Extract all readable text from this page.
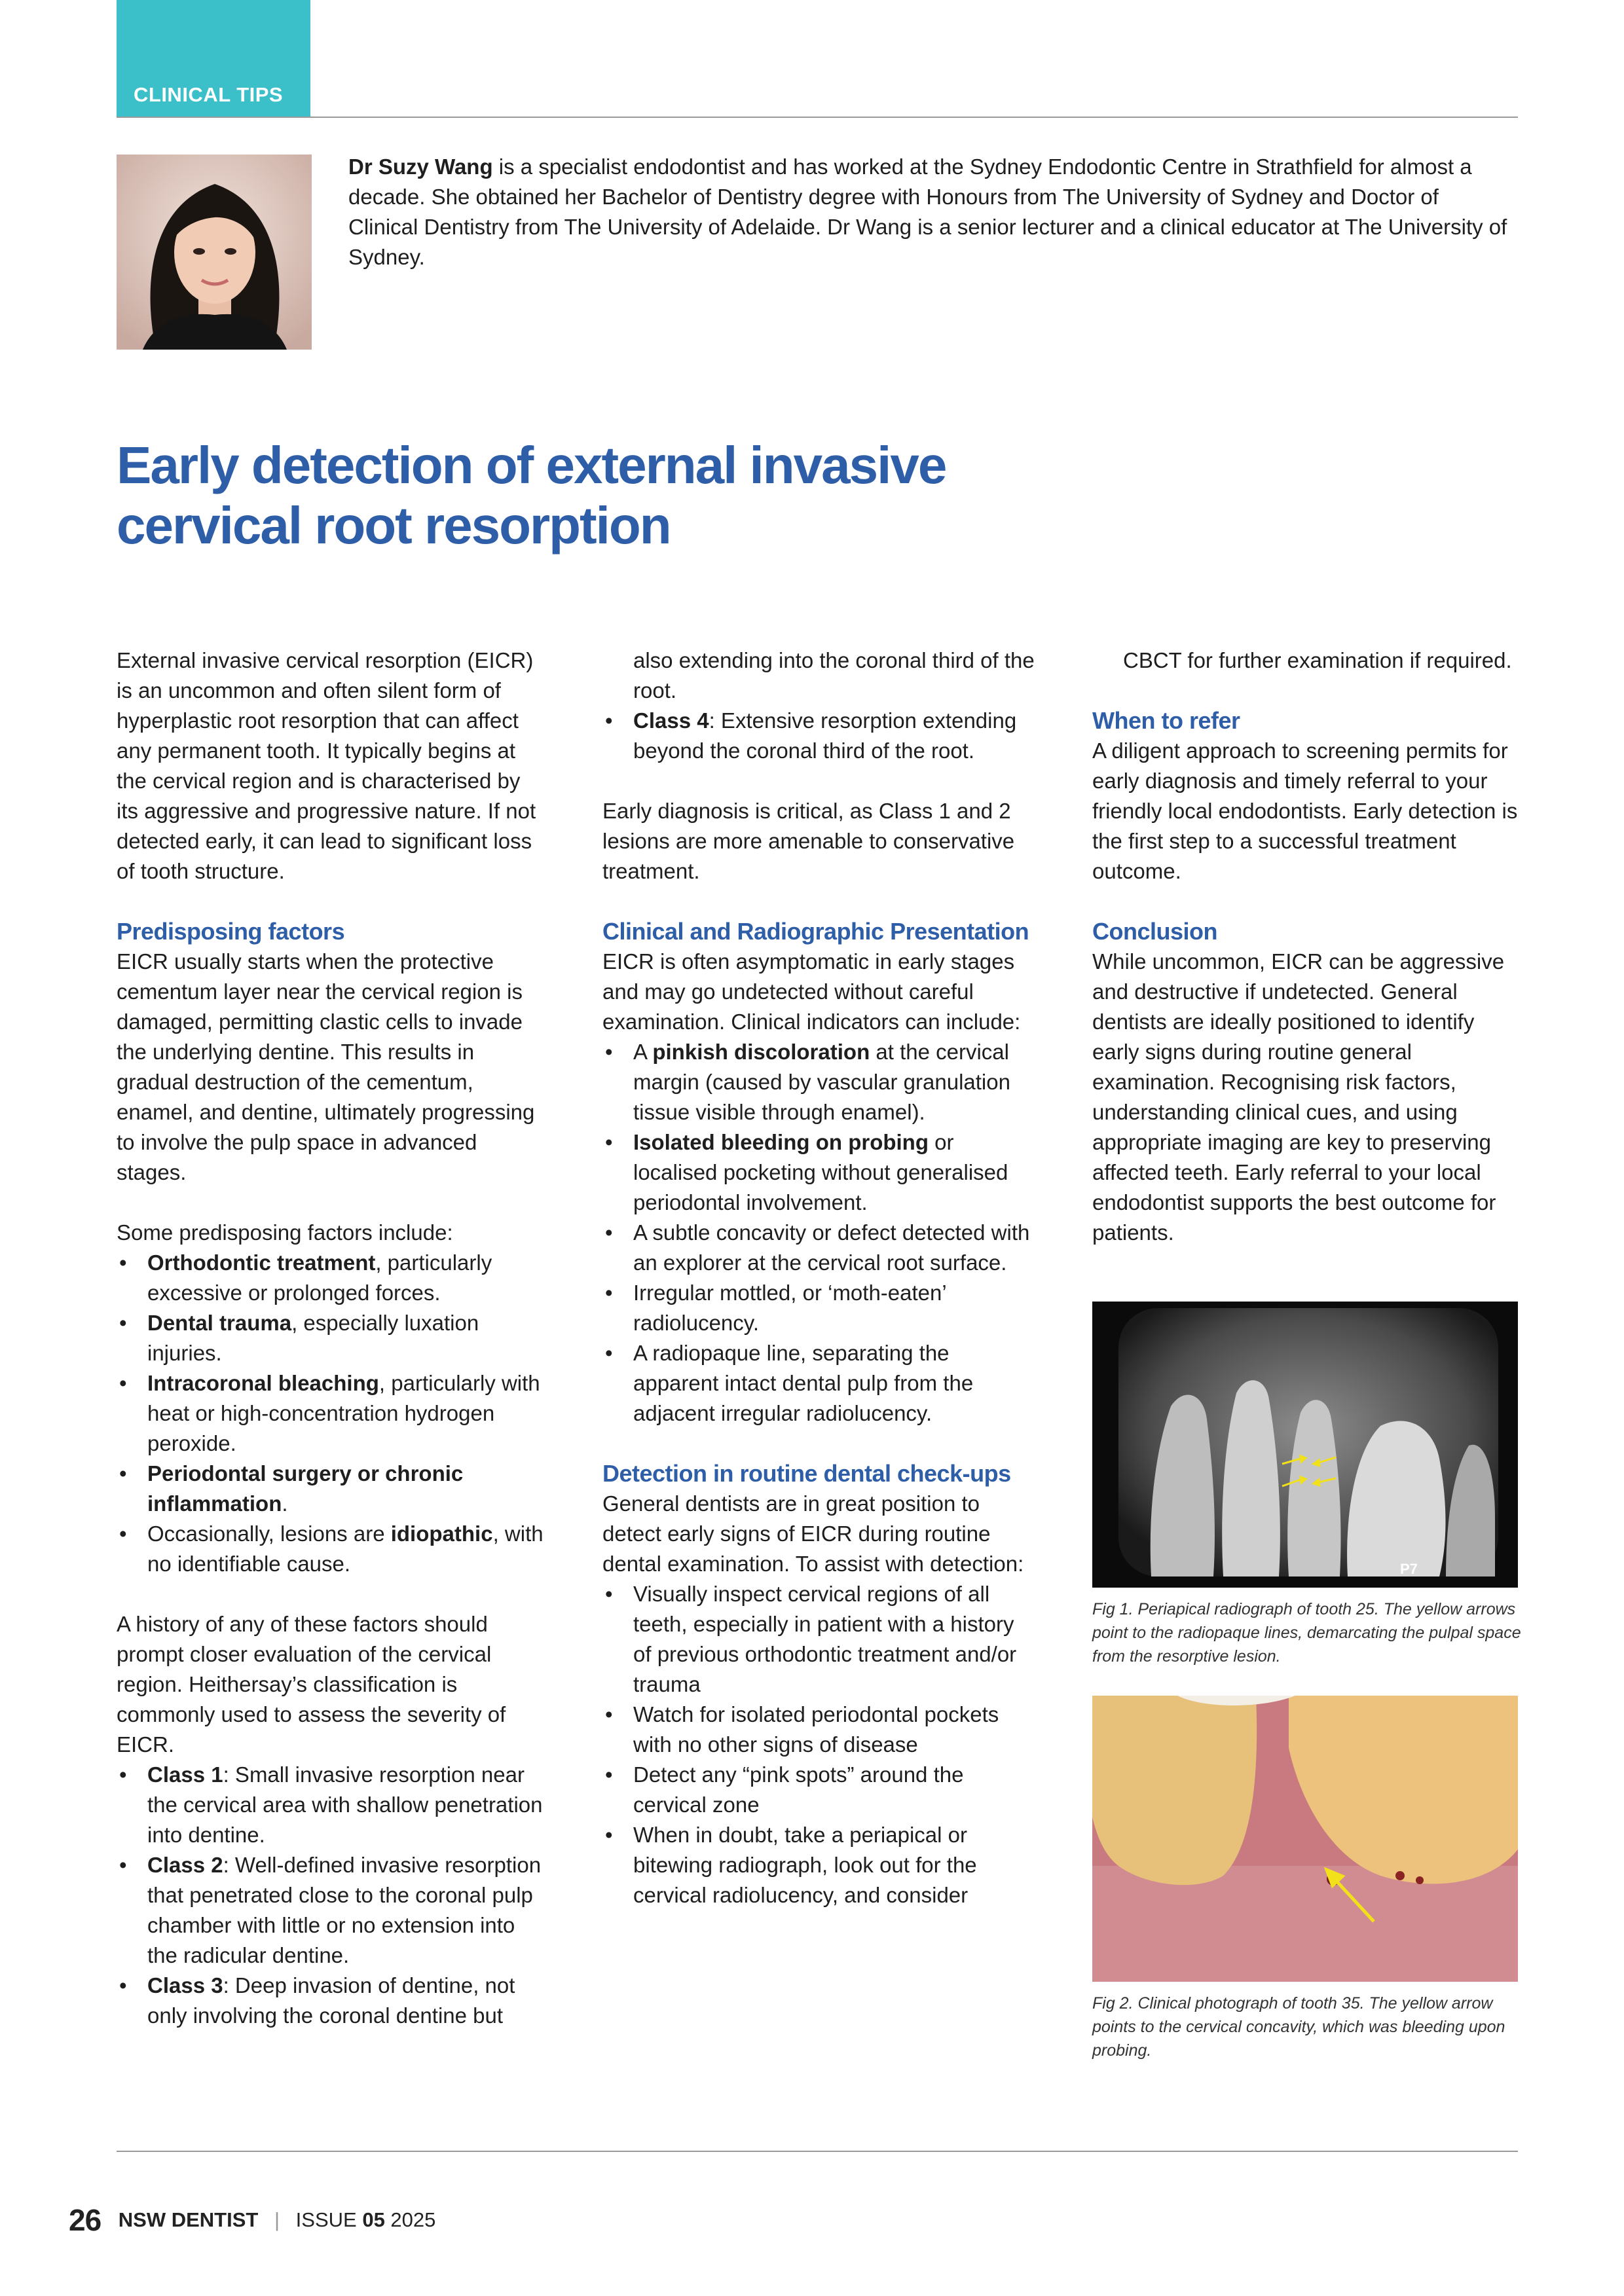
CLINICAL TIPS

Dr Suzy Wang is a specialist endodontist and has worked at the Sydney Endodontic Centre in Strathfield for almost a decade. She obtained her Bachelor of Dentistry degree with Honours from The University of Sydney and Doctor of Clinical Dentistry from The University of Adelaide. Dr Wang is a senior lecturer and a clinical educator at The University of Sydney.

Early detection of external invasive
cervical root resorption

External invasive cervical resorption (EICR) is an uncommon and often silent form of hyperplastic root resorption that can affect any permanent tooth. It typically begins at the cervical region and is characterised by its aggressive and progressive nature. If not detected early, it can lead to significant loss of tooth structure.

Predisposing factors

EICR usually starts when the protective cementum layer near the cervical region is damaged, permitting clastic cells to invade the underlying dentine. This results in gradual destruction of the cementum, enamel, and dentine, ultimately progressing to involve the pulp space in advanced stages.

Some predisposing factors include:

• Orthodontic treatment, particularly excessive or prolonged forces.
• Dental trauma, especially luxation injuries.
• Intracoronal bleaching, particularly with heat or high-concentration hydrogen peroxide.
• Periodontal surgery or chronic inflammation.
• Occasionally, lesions are idiopathic, with no identifiable cause.

A history of any of these factors should prompt closer evaluation of the cervical region. Heithersay’s classification is commonly used to assess the severity of EICR.

• Class 1: Small invasive resorption near the cervical area with shallow penetration into dentine.
• Class 2: Well-defined invasive resorption that penetrated close to the coronal pulp chamber with little or no extension into the radicular dentine.
• Class 3: Deep invasion of dentine, not only involving the coronal dentine but
also extending into the coronal third of the root.
• Class 4: Extensive resorption extending beyond the coronal third of the root.

Early diagnosis is critical, as Class 1 and 2 lesions are more amenable to conservative treatment.

Clinical and Radiographic Presentation

EICR is often asymptomatic in early stages and may go undetected without careful examination. Clinical indicators can include:

• A pinkish discoloration at the cervical margin (caused by vascular granulation tissue visible through enamel).
• Isolated bleeding on probing or localised pocketing without generalised periodontal involvement.
• A subtle concavity or defect detected with an explorer at the cervical root surface.
• Irregular mottled, or ‘moth-eaten’ radiolucency.
• A radiopaque line, separating the apparent intact dental pulp from the adjacent irregular radiolucency.
Detection in routine dental check-ups

General dentists are in great position to detect early signs of EICR during routine dental examination. To assist with detection:

• Visually inspect cervical regions of all teeth, especially in patient with a history of previous orthodontic treatment and/or trauma
• Watch for isolated periodontal pockets with no other signs of disease
• Detect any “pink spots” around the cervical zone
• When in doubt, take a periapical or bitewing radiograph, look out for the cervical radiolucency, and consider
CBCT for further examination if required.
When to refer

A diligent approach to screening permits for early diagnosis and timely referral to your friendly local endodontists. Early detection is the first step to a successful treatment outcome.

Conclusion

While uncommon, EICR can be aggressive and destructive if undetected. General dentists are ideally positioned to identify early signs during routine general examination. Recognising risk factors, understanding clinical cues, and using appropriate imaging are key to preserving affected teeth. Early referral to your local endodontist supports the best outcome for patients.

P7

Fig 1. Periapical radiograph of tooth 25. The yellow arrows point to the radiopaque lines, demarcating the pulpal space from the resorptive lesion.

Fig 2. Clinical photograph of tooth 35. The yellow arrow points to the cervical concavity, which was bleeding upon probing.

26 NSW DENTIST | ISSUE 05 2025
